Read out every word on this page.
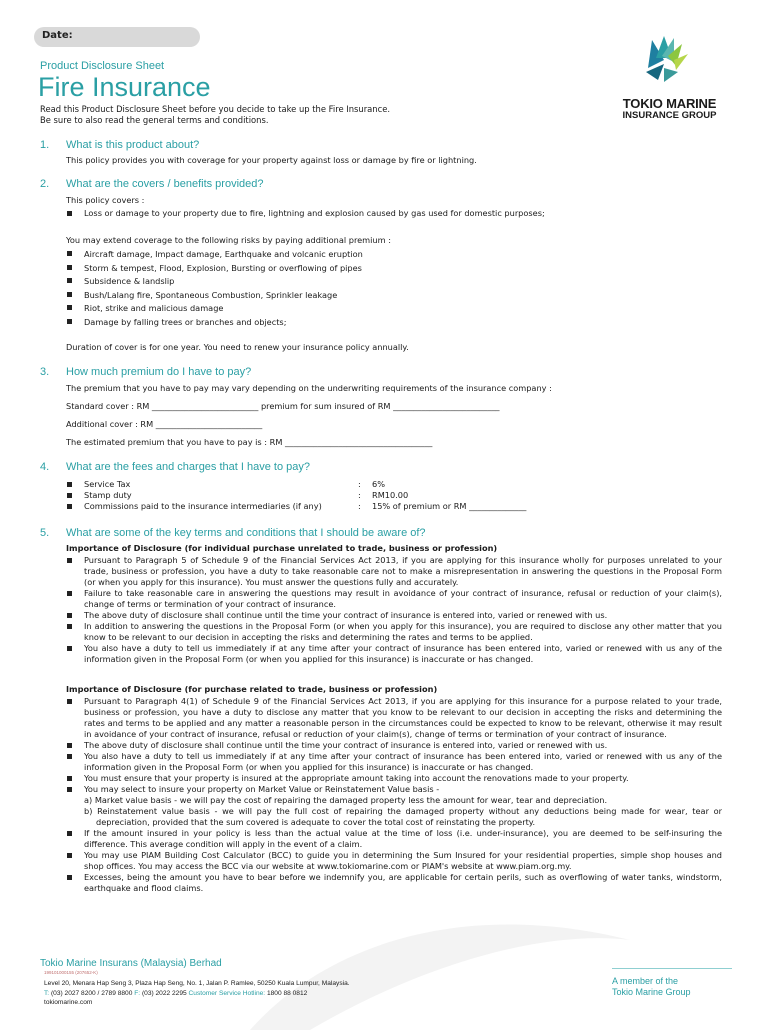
Date:
Product Disclosure Sheet
Fire Insurance
Read this Product Disclosure Sheet before you decide to take up the Fire Insurance.
Be sure to also read the general terms and conditions.
TOKIO MARINE
INSURANCE GROUP
1. What is this product about?
This policy provides you with coverage for your property against loss or damage by fire or lightning.
2. What are the covers / benefits provided?
This policy covers :
Loss or damage to your property due to fire, lightning and explosion caused by gas used for domestic purposes;
You may extend coverage to the following risks by paying additional premium :
Aircraft damage, Impact damage, Earthquake and volcanic eruption
Storm & tempest, Flood, Explosion, Bursting or overflowing of pipes
Subsidence & landslip
Bush/Lalang fire, Spontaneous Combustion, Sprinkler leakage
Riot, strike and malicious damage
Damage by falling trees or branches and objects;
Duration of cover is for one year. You need to renew your insurance policy annually.
3. How much premium do I have to pay?
The premium that you have to pay may vary depending on the underwriting requirements of the insurance company :
Standard cover : RM __________________________ premium for sum insured of RM __________________________
Additional cover : RM __________________________
The estimated premium that you have to pay is : RM ____________________________________
4. What are the fees and charges that I have to pay?
Service Tax	: 6%
Stamp duty	: RM10.00
Commissions paid to the insurance intermediaries (if any)	: 15% of premium or RM ______________
5. What are some of the key terms and conditions that I should be aware of?
Importance of Disclosure (for individual purchase unrelated to trade, business or profession)
Pursuant to Paragraph 5 of Schedule 9 of the Financial Services Act 2013, if you are applying for this insurance wholly for purposes unrelated to your trade, business or profession, you have a duty to take reasonable care not to make a misrepresentation in answering the questions in the Proposal Form (or when you apply for this insurance). You must answer the questions fully and accurately.
Failure to take reasonable care in answering the questions may result in avoidance of your contract of insurance, refusal or reduction of your claim(s), change of terms or termination of your contract of insurance.
The above duty of disclosure shall continue until the time your contract of insurance is entered into, varied or renewed with us.
In addition to answering the questions in the Proposal Form (or when you apply for this insurance), you are required to disclose any other matter that you know to be relevant to our decision in accepting the risks and determining the rates and terms to be applied.
You also have a duty to tell us immediately if at any time after your contract of insurance has been entered into, varied or renewed with us any of the information given in the Proposal Form (or when you applied for this insurance) is inaccurate or has changed.
Importance of Disclosure (for purchase related to trade, business or profession)
Pursuant to Paragraph 4(1) of Schedule 9 of the Financial Services Act 2013, if you are applying for this insurance for a purpose related to your trade, business or profession, you have a duty to disclose any matter that you know to be relevant to our decision in accepting the risks and determining the rates and terms to be applied and any matter a reasonable person in the circumstances could be expected to know to be relevant, otherwise it may result in avoidance of your contract of insurance, refusal or reduction of your claim(s), change of terms or termination of your contract of insurance.
The above duty of disclosure shall continue until the time your contract of insurance is entered into, varied or renewed with us.
You also have a duty to tell us immediately if at any time after your contract of insurance has been entered into, varied or renewed with us any of the information given in the Proposal Form (or when you applied for this insurance) is inaccurate or has changed.
You must ensure that your property is insured at the appropriate amount taking into account the renovations made to your property.
You may select to insure your property on Market Value or Reinstatement Value basis -
a) Market value basis - we will pay the cost of repairing the damaged property less the amount for wear, tear and depreciation.
b) Reinstatement value basis - we will pay the full cost of repairing the damaged property without any deductions being made for wear, tear or depreciation, provided that the sum covered is adequate to cover the total cost of reinstating the property.
If the amount insured in your policy is less than the actual value at the time of loss (i.e. under-insurance), you are deemed to be self-insuring the difference. This average condition will apply in the event of a claim.
You may use PIAM Building Cost Calculator (BCC) to guide you in determining the Sum Insured for your residential properties, simple shop houses and shop offices. You may access the BCC via our website at www.tokiomarine.com or PIAM's website at www.piam.org.my.
Excesses, being the amount you have to bear before we indemnify you, are applicable for certain perils, such as overflowing of water tanks, windstorm, earthquake and flood claims.
Tokio Marine Insurans (Malaysia) Berhad
199101000155 (207652-K)
Level 20, Menara Hap Seng 3, Plaza Hap Seng, No. 1, Jalan P. Ramlee, 50250 Kuala Lumpur, Malaysia.
T: (03) 2027 8200 / 2789 8800 F: (03) 2022 2295 Customer Service Hotline: 1800 88 0812
tokiomarine.com
A member of the
Tokio Marine Group
